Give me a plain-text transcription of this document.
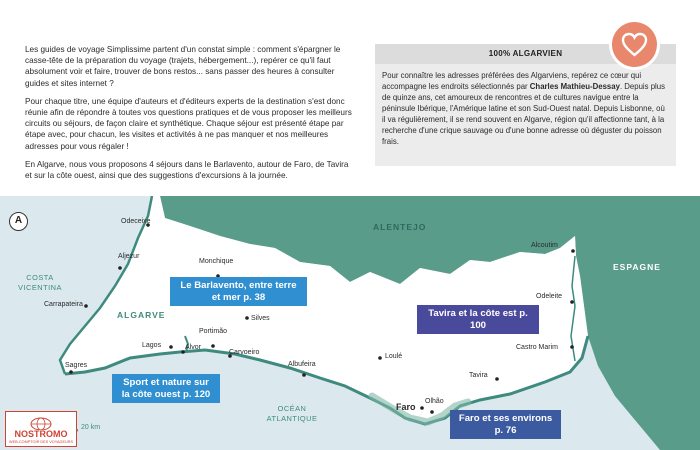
Les guides de voyage Simplissime partent d'un constat simple : comment s'épargner le casse-tête de la préparation du voyage (trajets, hébergement...), repérer ce qu'il faut absolument voir et faire, trouver de bons restos... sans passer des heures à consulter guides et sites internet ?

Pour chaque titre, une équipe d'auteurs et d'éditeurs experts de la destination s'est donc réunie afin de répondre à toutes vos questions pratiques et de vous proposer les meilleurs circuits ou séjours, de façon claire et synthétique. Chaque séjour est présenté étape par étape avec, pour chacun, les visites et activités à ne pas manquer et nos meilleures adresses pour vous régaler !

En Algarve, nous vous proposons 4 séjours dans le Barlavento, autour de Faro, de Tavira et sur la côte ouest, ainsi que des suggestions d'excursions à la journée.

100% ALGARVIEN
Pour connaître les adresses préférées des Algarviens, repérez ce cœur qui accompagne les endroits sélectionnés par Charles Mathieu-Dessay. Depuis plus de quinze ans, cet amoureux de rencontres et de cultures navigue entre la péninsule Ibérique, l'Amérique latine et son Sud-Ouest natal. Depuis Lisbonne, où il va régulièrement, il se rend souvent en Algarve, région qu'il affectionne tant, à la recherche d'une crique sauvage ou d'une bonne adresse où déguster du poisson frais.
A
ALENTEJO
ESPAGNE
ALGARVE
COSTA VICENTINA
OCÉAN ATLANTIQUE
Odeceixe
Aljezur
Monchique
Carrapateira
Portimão
Silves
Lagos	Alvor
Carvoeiro
Sagres	Albufeira
Loulé
Faro
Olhão
Tavira
Castro Marim
Odeleite
Alcoutim
Le Barlavento, entre terre et mer p. 38
Tavira et la côte est p. 100
Sport et nature sur la côte ouest p. 120
Faro et ses environs p. 76
20 km
NOSTROMO
WEB-COMPTOIR DES VOYAGEURS
